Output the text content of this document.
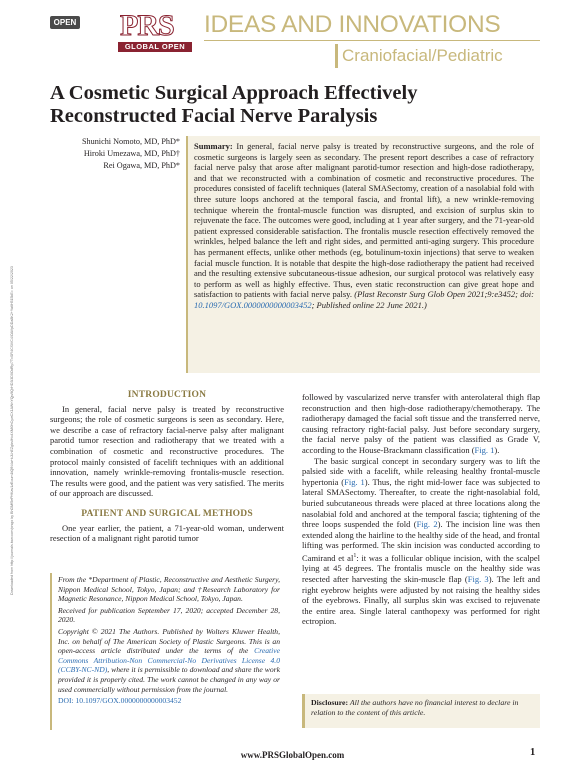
OPEN PRS
GLOBAL OPEN
IDEAS AND INNOVATIONS
Craniofacial/Pediatric
Downloaded from http://journals.lww.com/prsgo by BhDMf5ePHKav1zEoum1tQfN4a+kJLhEZgbsIHo4XMi0hCywCX1AWnYQp/IlQrHD3i3D0OdRyi7TvSFl4Cf3VC4/OAVpDDa8K2+Ya6H515kE= on 05/22/2023
A Cosmetic Surgical Approach Effectively Reconstructed Facial Nerve Paralysis
Shunichi Nomoto, MD, PhD*
Hiroki Umezawa, MD, PhD†
Rei Ogawa, MD, PhD*
Summary: In general, facial nerve palsy is treated by reconstructive surgeons, and the role of cosmetic surgeons is largely seen as secondary. The present report describes a case of refractory facial nerve palsy that arose after malignant parotid-tumor resection and high-dose radiotherapy, and that we reconstructed with a combination of cosmetic and reconstructive procedures. The procedures consisted of facelift techniques (lateral SMASectomy, creation of a nasolabial fold with three suture loops anchored at the temporal fascia, and frontal lift), a new wrinkle-removing technique wherein the frontal-muscle function was disrupted, and excision of surplus skin to rejuvenate the face. The outcomes were good, including at 1 year after surgery, and the 71-year-old patient expressed considerable satisfaction. The frontalis muscle resection effectively removed the wrinkles, helped balance the left and right sides, and permitted anti-aging surgery. This procedure has permanent effects, unlike other methods (eg, botulinum-toxin injections) that serve to weaken facial muscle function. It is notable that despite the high-dose radiotherapy the patient had received and the resulting extensive subcutaneous-tissue adhesion, our surgical protocol was relatively easy to perform as well as highly effective. Thus, even static reconstruction can give great hope and satisfaction to patients with facial nerve palsy. (Plast Reconstr Surg Glob Open 2021;9:e3452; doi: 10.1097/GOX.0000000000003452; Published online 22 June 2021.)
INTRODUCTION

In general, facial nerve palsy is treated by reconstructive surgeons; the role of cosmetic surgeons is seen as secondary. Here, we describe a case of refractory facial-nerve palsy after malignant parotid tumor resection and radiotherapy that we treated with a combination of cosmetic and reconstructive procedures. The protocol mainly consisted of facelift techniques with an additional innovation, namely wrinkle-removing frontalis-muscle resection. The results were good, and the patient was very satisfied. The merits of our approach are discussed.

PATIENT AND SURGICAL METHODS

One year earlier, the patient, a 71-year-old woman, underwent resection of a malignant right parotid tumor

followed by vascularized nerve transfer with anterolateral thigh flap reconstruction and then high-dose radiotherapy/chemotherapy. The radiotherapy damaged the facial soft tissue and the transferred nerve, causing refractory right-facial palsy. Just before secondary surgery, the facial nerve palsy of the patient was classified as Grade V, according to the House-Brackmann classification (Fig. 1).

The basic surgical concept in secondary surgery was to lift the palsied side with a facelift, while releasing healthy frontal-muscle hypertonia (Fig. 1). Thus, the right mid-lower face was subjected to lateral SMASectomy. Thereafter, to create the right-nasolabial fold, buried subcutaneous threads were placed at three locations along the nasolabial fold and anchored at the temporal fascia; tightening of the three loops suspended the fold (Fig. 2). The incision line was then extended along the hairline to the healthy side of the head, and frontal lifting was performed. The skin incision was conducted according to Camirand et $al^1$: it was a follicular oblique incision, with the scalpel lying at 45 degrees. The frontalis muscle on the healthy side was resected after harvesting the skin-muscle flap (Fig. 3). The left and right eyebrow heights were adjusted by not raising the healthy sides of the eyebrows. Finally, all surplus skin was excised to rejuvenate the entire area. Single lateral canthopexy was performed for right ectropion.

From the *Department of Plastic, Reconstructive and Aesthetic Surgery, Nippon Medical School, Tokyo, Japan; and †Research Laboratory for Magnetic Resonance, Nippon Medical School, Tokyo, Japan.

Received for publication September 17, 2020; accepted December 28, 2020.

Copyright © 2021 The Authors. Published by Wolters Kluwer Health, Inc. on behalf of The American Society of Plastic Surgeons. This is an open-access article distributed under the terms of the Creative Commons Attribution-Non Commercial-No Derivatives License 4.0 (CCBY-NC-ND), where it is permissible to download and share the work provided it is properly cited. The work cannot be changed in any way or used commercially without permission from the journal.

DOI: 10.1097/GOX.0000000000003452	Disclosure: All the authors have no financial interest to declare in relation to the content of this article.
www.PRSGlobalOpen.com	1
